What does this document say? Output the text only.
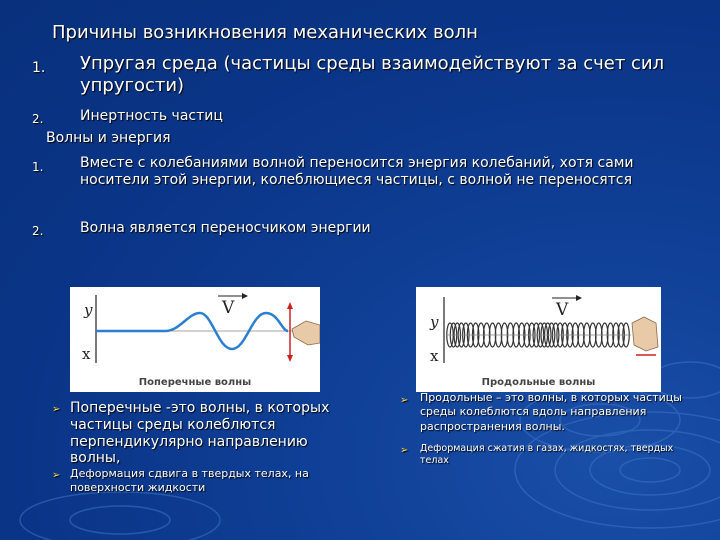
Причины возникновения механических волн
1. Упругая среда (частицы среды взаимодействуют за счет сил упругости)
2.	Инертность частиц
Волны и энергия
1.	Вместе с колебаниями волной переносится энергия колебаний, хотя сами носители этой энергии, колеблющиеся частицы, с волной не переносятся
2.	Волна является переносчиком энергии
y
x
V
Поперечные волны
y
x
V
Продольные волны
➢ Поперечные -это волны, в которых частицы среды колеблются перпендикулярно направлению волны,
➢ Деформация сдвига в твердых телах, на поверхности жидкости
➢ Продольные – это волны, в которых частицы среды колеблются вдоль направления распространения волны.
➢ Деформация сжатия в газах, жидкостях, твердых телах
